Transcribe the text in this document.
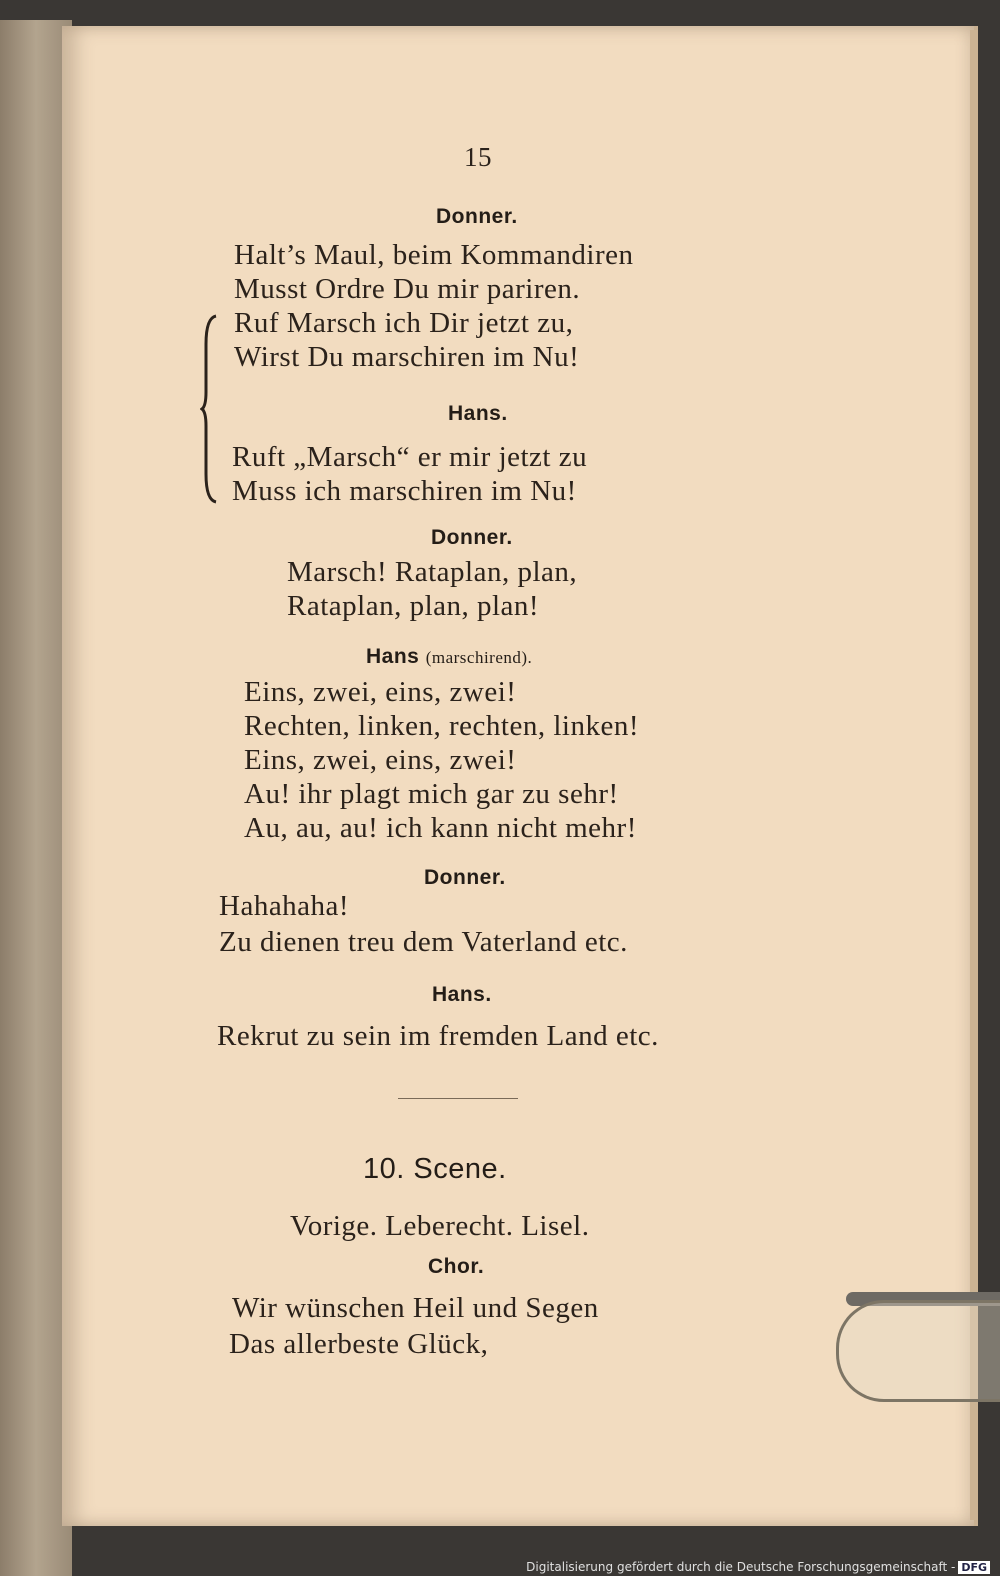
15
Donner.
Halt’s Maul, beim Kommandiren
Musst Ordre Du mir pariren.
Ruf Marsch ich Dir jetzt zu,
Wirst Du marschiren im Nu!
Hans.
Ruft „Marsch“ er mir jetzt zu
Muss ich marschiren im Nu!
Donner.
Marsch! Rataplan, plan,
Rataplan, plan, plan!
Hans (marschirend).
Eins, zwei, eins, zwei!
Rechten, linken, rechten, linken!
Eins, zwei, eins, zwei!
Au! ihr plagt mich gar zu sehr!
Au, au, au! ich kann nicht mehr!
Donner.
Hahahaha!
Zu dienen treu dem Vaterland etc.
Hans.
Rekrut zu sein im fremden Land etc.
10. Scene.
Vorige. Leberecht. Lisel.
Chor.
Wir wünschen Heil und Segen
Das allerbeste Glück,
Digitalisierung gefördert durch die Deutsche Forschungsgemeinschaft - DFG
